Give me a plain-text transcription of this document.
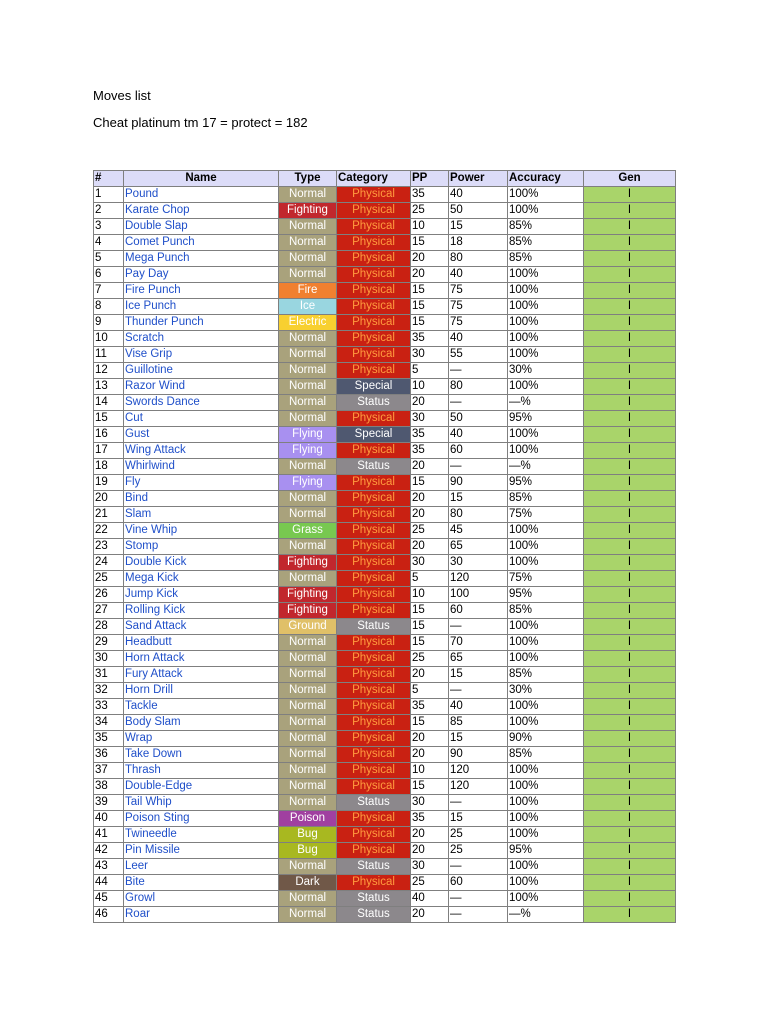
Moves list
Cheat platinum tm 17 = protect = 182
#	Name	Type	Category	PP	Power	Accuracy	Gen
1	Pound	Normal	Physical	35	40	100%	I
2	Karate Chop	Fighting	Physical	25	50	100%	I
3	Double Slap	Normal	Physical	10	15	85%	I
4	Comet Punch	Normal	Physical	15	18	85%	I
5	Mega Punch	Normal	Physical	20	80	85%	I
6	Pay Day	Normal	Physical	20	40	100%	I
7	Fire Punch	Fire	Physical	15	75	100%	I
8	Ice Punch	Ice	Physical	15	75	100%	I
9	Thunder Punch	Electric	Physical	15	75	100%	I
10	Scratch	Normal	Physical	35	40	100%	I
11	Vise Grip	Normal	Physical	30	55	100%	I
12	Guillotine	Normal	Physical	5	—	30%	I
13	Razor Wind	Normal	Special	10	80	100%	I
14	Swords Dance	Normal	Status	20	—	—%	I
15	Cut	Normal	Physical	30	50	95%	I
16	Gust	Flying	Special	35	40	100%	I
17	Wing Attack	Flying	Physical	35	60	100%	I
18	Whirlwind	Normal	Status	20	—	—%	I
19	Fly	Flying	Physical	15	90	95%	I
20	Bind	Normal	Physical	20	15	85%	I
21	Slam	Normal	Physical	20	80	75%	I
22	Vine Whip	Grass	Physical	25	45	100%	I
23	Stomp	Normal	Physical	20	65	100%	I
24	Double Kick	Fighting	Physical	30	30	100%	I
25	Mega Kick	Normal	Physical	5	120	75%	I
26	Jump Kick	Fighting	Physical	10	100	95%	I
27	Rolling Kick	Fighting	Physical	15	60	85%	I
28	Sand Attack	Ground	Status	15	—	100%	I
29	Headbutt	Normal	Physical	15	70	100%	I
30	Horn Attack	Normal	Physical	25	65	100%	I
31	Fury Attack	Normal	Physical	20	15	85%	I
32	Horn Drill	Normal	Physical	5	—	30%	I
33	Tackle	Normal	Physical	35	40	100%	I
34	Body Slam	Normal	Physical	15	85	100%	I
35	Wrap	Normal	Physical	20	15	90%	I
36	Take Down	Normal	Physical	20	90	85%	I
37	Thrash	Normal	Physical	10	120	100%	I
38	Double-Edge	Normal	Physical	15	120	100%	I
39	Tail Whip	Normal	Status	30	—	100%	I
40	Poison Sting	Poison	Physical	35	15	100%	I
41	Twineedle	Bug	Physical	20	25	100%	I
42	Pin Missile	Bug	Physical	20	25	95%	I
43	Leer	Normal	Status	30	—	100%	I
44	Bite	Dark	Physical	25	60	100%	I
45	Growl	Normal	Status	40	—	100%	I
46	Roar	Normal	Status	20	—	—%	I
